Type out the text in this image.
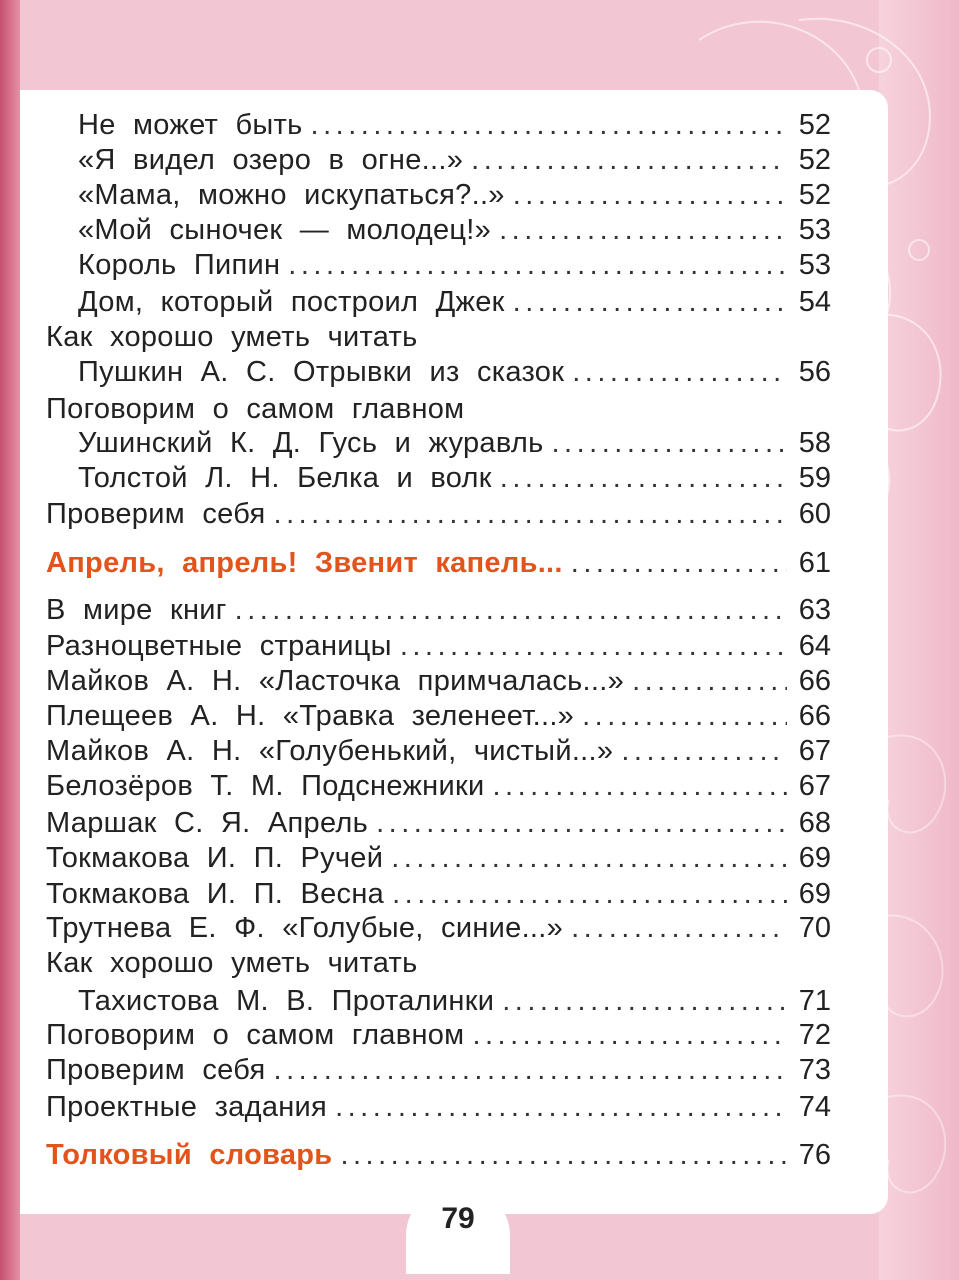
Не может быть .....	52
«Я видел озеро в огне...» .....	52
«Мама, можно искупаться?..» .....	52
«Мой сыночек — молодец!» .....	53
Король Пипин .....	53
Дом, который построил Джек .....	54
Как хорошо уметь читать
Пушкин А. С. Отрывки из сказок .....	56
Поговорим о самом главном
Ушинский К. Д. Гусь и журавль .....	58
Толстой Л. Н. Белка и волк .....	59
Проверим себя .....	60
Апрель, апрель! Звенит капель... .....	61
В мире книг .....	63
Разноцветные страницы .....	64
Майков А. Н. «Ласточка примчалась...» .....	66
Плещеев А. Н. «Травка зеленеет...» .....	66
Майков А. Н. «Голубенький, чистый...» .....	67
Белозёров Т. М. Подснежники .....	67
Маршак С. Я. Апрель .....	68
Токмакова И. П. Ручей .....	69
Токмакова И. П. Весна .....	69
Трутнева Е. Ф. «Голубые, синие...» .....	70
Как хорошо уметь читать
Тахистова М. В. Проталинки .....	71
Поговорим о самом главном .....	72
Проверим себя .....	73
Проектные задания .....	74
Толковый словарь .....	76
79
